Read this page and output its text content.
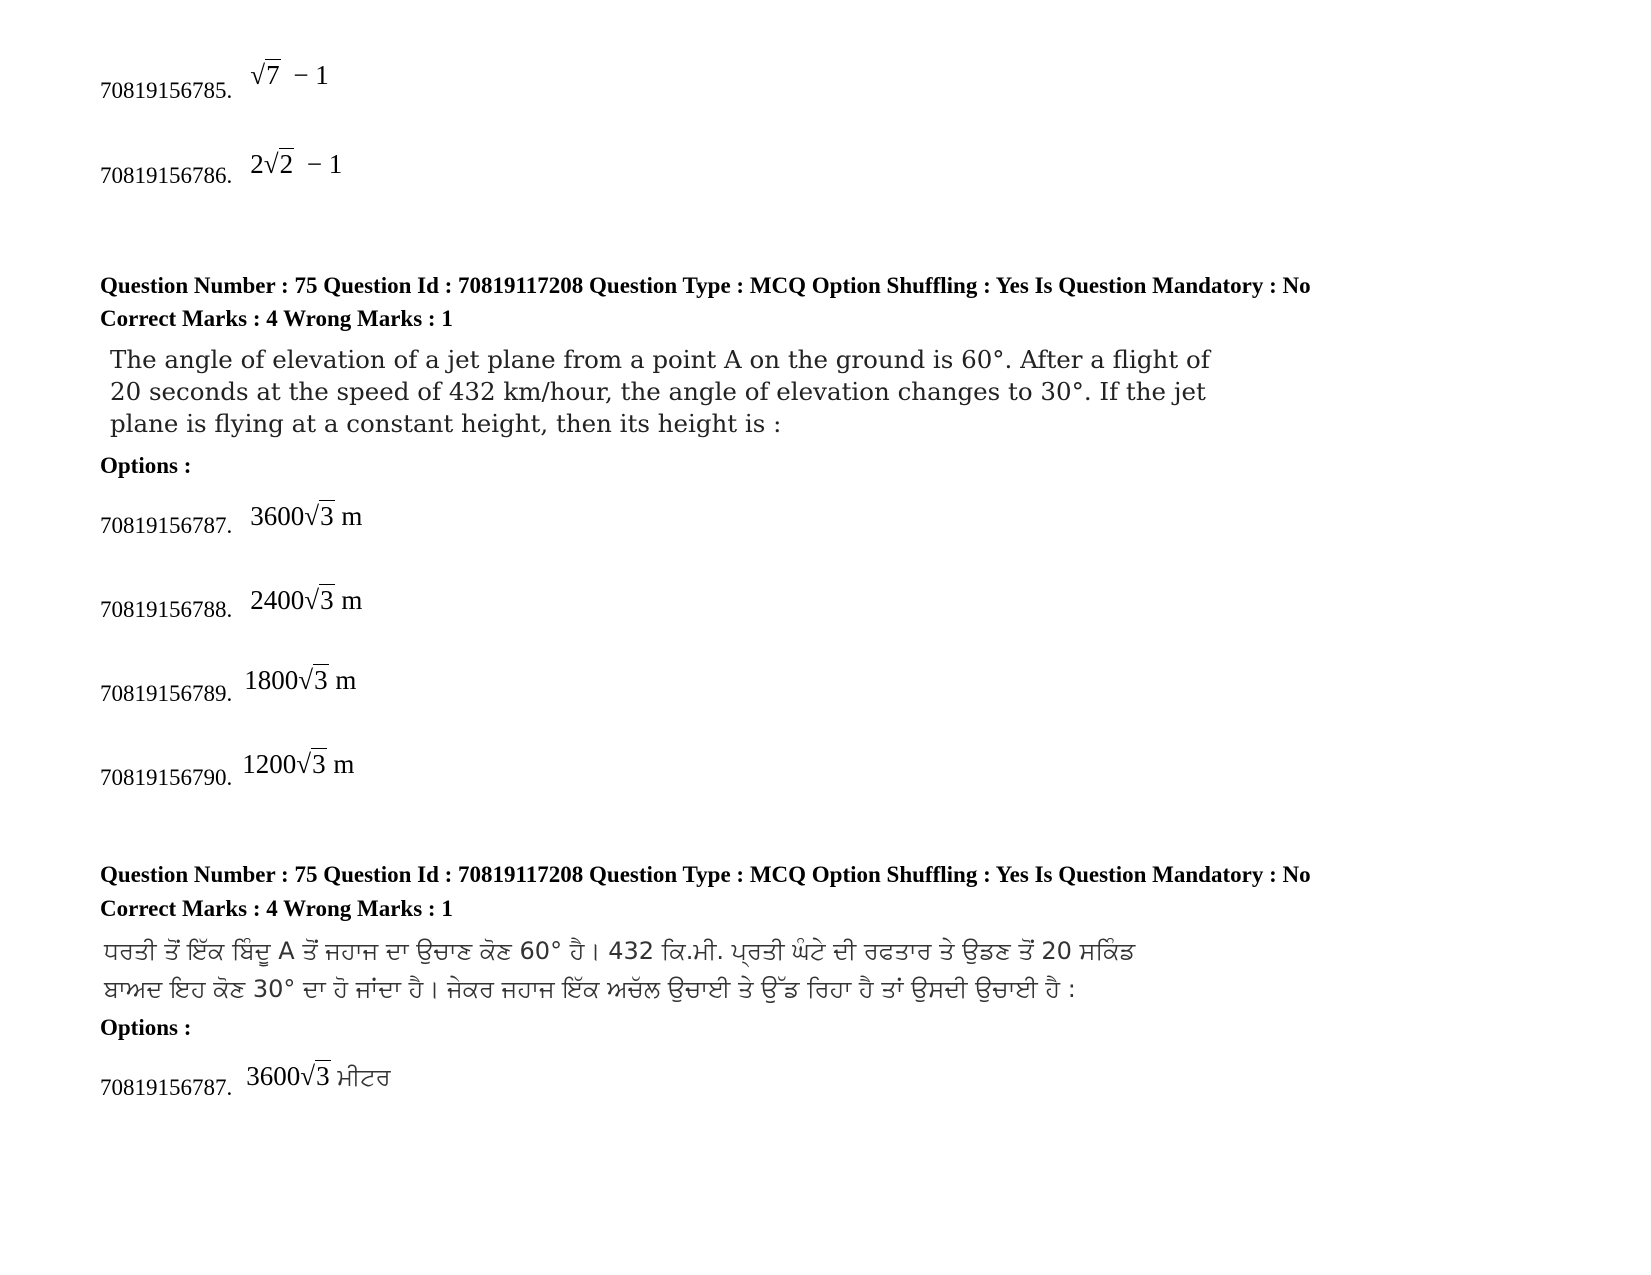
70819156785. √7 − 1
70819156786. 2√2 − 1
Question Number : 75 Question Id : 70819117208 Question Type : MCQ Option Shuffling : Yes Is Question Mandatory : No
Correct Marks : 4 Wrong Marks : 1
The angle of elevation of a jet plane from a point A on the ground is 60°. After a flight of
20 seconds at the speed of 432 km/hour, the angle of elevation changes to 30°. If the jet
plane is flying at a constant height, then its height is :
Options :
70819156787. 3600√3 m
70819156788. 2400√3 m
70819156789. 1800√3 m
70819156790. 1200√3 m
Question Number : 75 Question Id : 70819117208 Question Type : MCQ Option Shuffling : Yes Is Question Mandatory : No
Correct Marks : 4 Wrong Marks : 1
ਧਰਤੀ ਤੋਂ ਇੱਕ ਬਿੰਦੂ A ਤੋਂ ਜਹਾਜ ਦਾ ਉਚਾਣ ਕੋਣ 60° ਹੈ। 432 ਕਿ.ਮੀ. ਪ੍ਰਤੀ ਘੰਟੇ ਦੀ ਰਫਤਾਰ ਤੇ ਉਡਣ ਤੋਂ 20 ਸਕਿੰਡ
ਬਾਅਦ ਇਹ ਕੋਣ 30° ਦਾ ਹੋ ਜਾਂਦਾ ਹੈ। ਜੇਕਰ ਜਹਾਜ ਇੱਕ ਅਚੱਲ ਉਚਾਈ ਤੇ ਉੱਡ ਰਿਹਾ ਹੈ ਤਾਂ ਉਸਦੀ ਉਚਾਈ ਹੈ :
Options :
70819156787. 3600√3 ਮੀਟਰ
